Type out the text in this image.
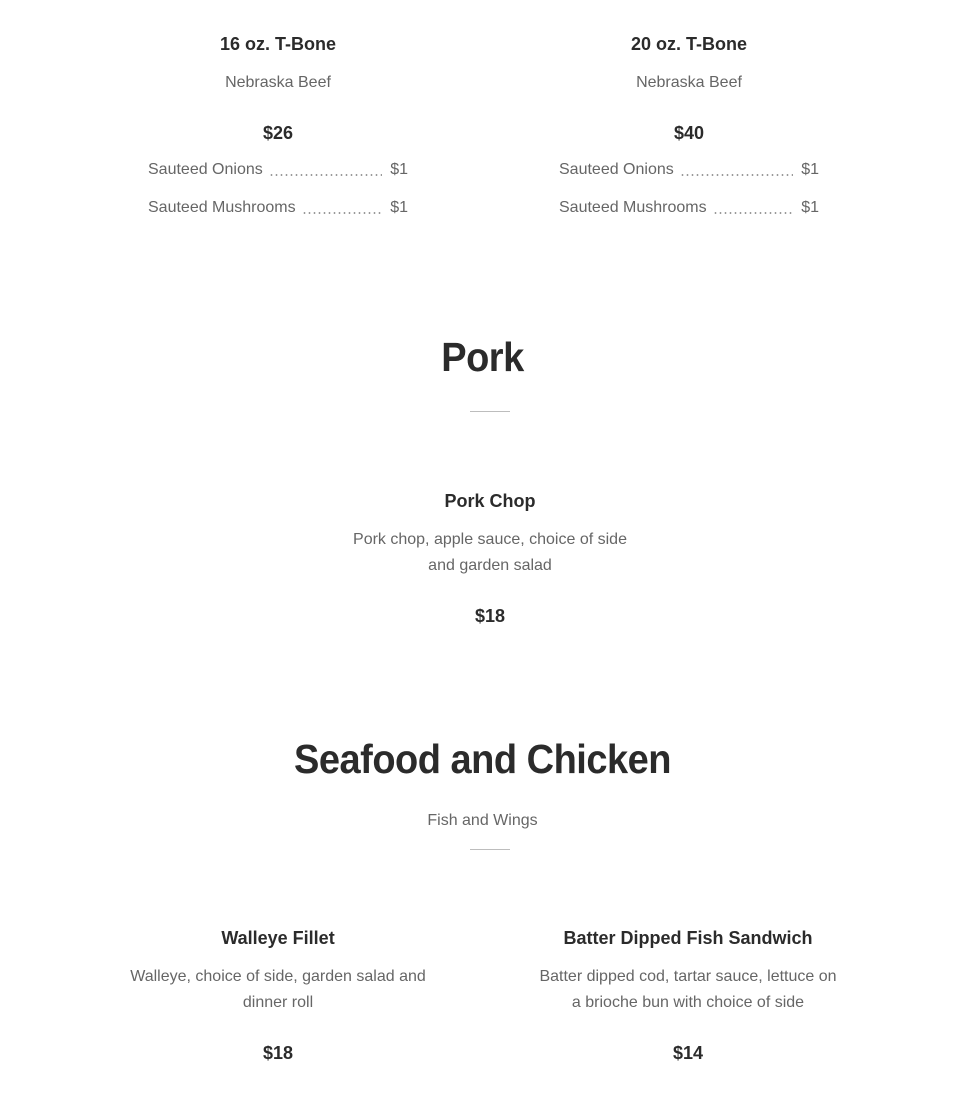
16 oz. T-Bone
Nebraska Beef
$26
Sauteed Onions	$1
Sauteed Mushrooms	$1
20 oz. T-Bone
Nebraska Beef
$40
Sauteed Onions	$1
Sauteed Mushrooms	$1
Pork
Pork Chop
Pork chop, apple sauce, choice of side and garden salad
$18
Seafood and Chicken
Fish and Wings
Walleye Fillet
Walleye, choice of side, garden salad and dinner roll
$18
Batter Dipped Fish Sandwich
Batter dipped cod, tartar sauce, lettuce on a brioche bun with choice of side
$14
